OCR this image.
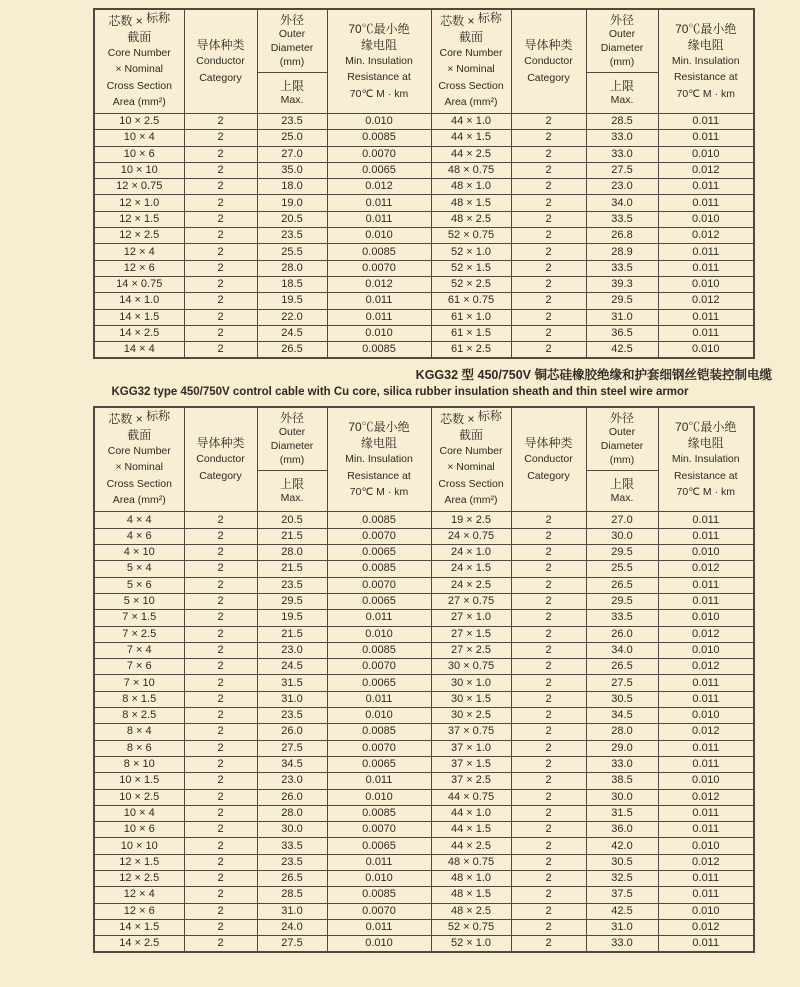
芯数 × 标称
截面
Core Number
× Nominal
Cross Section
Area (mm²)

导体种类
Conductor
Category

外径
Outer
Diameter
(mm)

70℃最小绝
缘电阻
Min. Insulation
Resistance at
70℃ M · km

芯数 × 标称
截面
Core Number
× Nominal
Cross Section
Area (mm²)

导体种类
Conductor
Category

外径
Outer
Diameter
(mm)

70℃最小绝
缘电阻
Min. Insulation
Resistance at
70℃ M · km

上限
Max.

上限
Max.

10 × 2.5	2	23.5	0.010	44 × 1.0	2	28.5	0.011
10 × 4	2	25.0	0.0085	44 × 1.5	2	33.0	0.011
10 × 6	2	27.0	0.0070	44 × 2.5	2	33.0	0.010
10 × 10	2	35.0	0.0065	48 × 0.75	2	27.5	0.012
12 × 0.75	2	18.0	0.012	48 × 1.0	2	23.0	0.011
12 × 1.0	2	19.0	0.011	48 × 1.5	2	34.0	0.011
12 × 1.5	2	20.5	0.011	48 × 2.5	2	33.5	0.010
12 × 2.5	2	23.5	0.010	52 × 0.75	2	26.8	0.012
12 × 4	2	25.5	0.0085	52 × 1.0	2	28.9	0.011
12 × 6	2	28.0	0.0070	52 × 1.5	2	33.5	0.011
14 × 0.75	2	18.5	0.012	52 × 2.5	2	39.3	0.010
14 × 1.0	2	19.5	0.011	61 × 0.75	2	29.5	0.012
14 × 1.5	2	22.0	0.011	61 × 1.0	2	31.0	0.011
14 × 2.5	2	24.5	0.010	61 × 1.5	2	36.5	0.011
14 × 4	2	26.5	0.0085	61 × 2.5	2	42.5	0.010
KGG32 型 450/750V 铜芯硅橡胶绝缘和护套细钢丝铠装控制电缆
KGG32 type 450/750V control cable with Cu core, silica rubber insulation sheath and thin steel wire armor
芯数 × 标称
截面
Core Number
× Nominal
Cross Section
Area (mm²)

导体种类
Conductor
Category

外径
Outer
Diameter
(mm)

70℃最小绝
缘电阻
Min. Insulation
Resistance at
70℃ M · km

芯数 × 标称
截面
Core Number
× Nominal
Cross Section
Area (mm²)

导体种类
Conductor
Category

外径
Outer
Diameter
(mm)

70℃最小绝
缘电阻
Min. Insulation
Resistance at
70℃ M · km

上限
Max.

上限
Max.

4 × 4	2	20.5	0.0085	19 × 2.5	2	27.0	0.011
4 × 6	2	21.5	0.0070	24 × 0.75	2	30.0	0.011
4 × 10	2	28.0	0.0065	24 × 1.0	2	29.5	0.010
5 × 4	2	21.5	0.0085	24 × 1.5	2	25.5	0.012
5 × 6	2	23.5	0.0070	24 × 2.5	2	26.5	0.011
5 × 10	2	29.5	0.0065	27 × 0.75	2	29.5	0.011
7 × 1.5	2	19.5	0.011	27 × 1.0	2	33.5	0.010
7 × 2.5	2	21.5	0.010	27 × 1.5	2	26.0	0.012
7 × 4	2	23.0	0.0085	27 × 2.5	2	34.0	0.010
7 × 6	2	24.5	0.0070	30 × 0.75	2	26.5	0.012
7 × 10	2	31.5	0.0065	30 × 1.0	2	27.5	0.011
8 × 1.5	2	31.0	0.011	30 × 1.5	2	30.5	0.011
8 × 2.5	2	23.5	0.010	30 × 2.5	2	34.5	0.010
8 × 4	2	26.0	0.0085	37 × 0.75	2	28.0	0.012
8 × 6	2	27.5	0.0070	37 × 1.0	2	29.0	0.011
8 × 10	2	34.5	0.0065	37 × 1.5	2	33.0	0.011
10 × 1.5	2	23.0	0.011	37 × 2.5	2	38.5	0.010
10 × 2.5	2	26.0	0.010	44 × 0.75	2	30.0	0.012
10 × 4	2	28.0	0.0085	44 × 1.0	2	31.5	0.011
10 × 6	2	30.0	0.0070	44 × 1.5	2	36.0	0.011
10 × 10	2	33.5	0.0065	44 × 2.5	2	42.0	0.010
12 × 1.5	2	23.5	0.011	48 × 0.75	2	30.5	0.012
12 × 2.5	2	26.5	0.010	48 × 1.0	2	32.5	0.011
12 × 4	2	28.5	0.0085	48 × 1.5	2	37.5	0.011
12 × 6	2	31.0	0.0070	48 × 2.5	2	42.5	0.010
14 × 1.5	2	24.0	0.011	52 × 0.75	2	31.0	0.012
14 × 2.5	2	27.5	0.010	52 × 1.0	2	33.0	0.011
